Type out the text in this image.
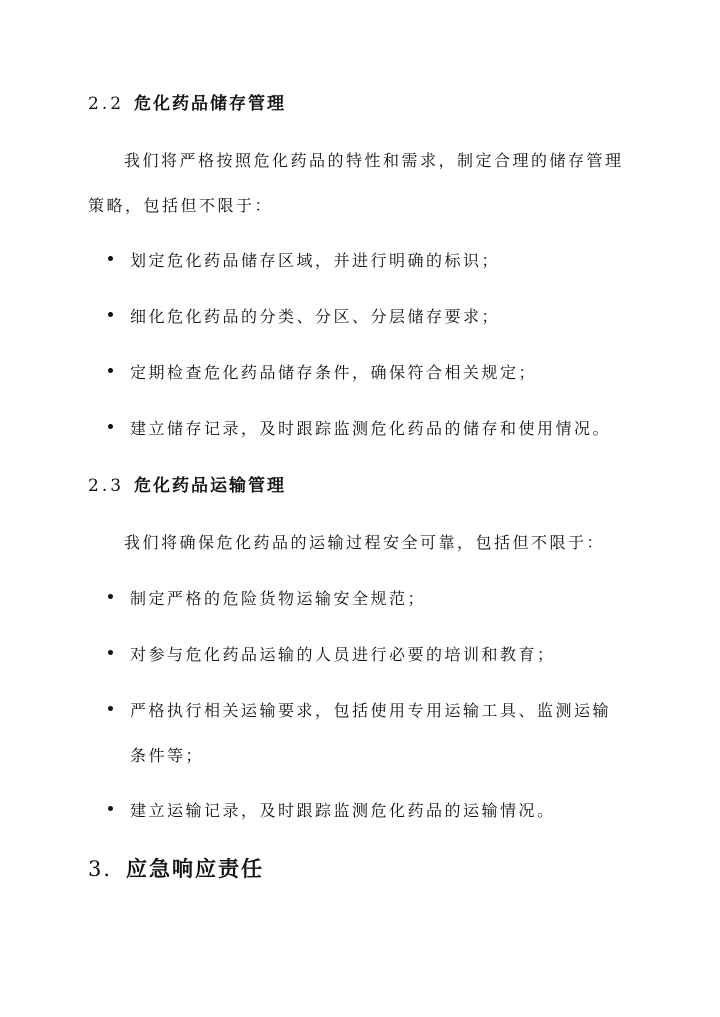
2.2 危化药品储存管理
我们将严格按照危化药品的特性和需求，制定合理的储存管理
策略，包括但不限于：
划定危化药品储存区域，并进行明确的标识；
细化危化药品的分类、分区、分层储存要求；
定期检查危化药品储存条件，确保符合相关规定；
建立储存记录，及时跟踪监测危化药品的储存和使用情况。
2.3 危化药品运输管理
我们将确保危化药品的运输过程安全可靠，包括但不限于：
制定严格的危险货物运输安全规范；
对参与危化药品运输的人员进行必要的培训和教育；
严格执行相关运输要求，包括使用专用运输工具、监测运输
条件等；
建立运输记录，及时跟踪监测危化药品的运输情况。
3. 应急响应责任
